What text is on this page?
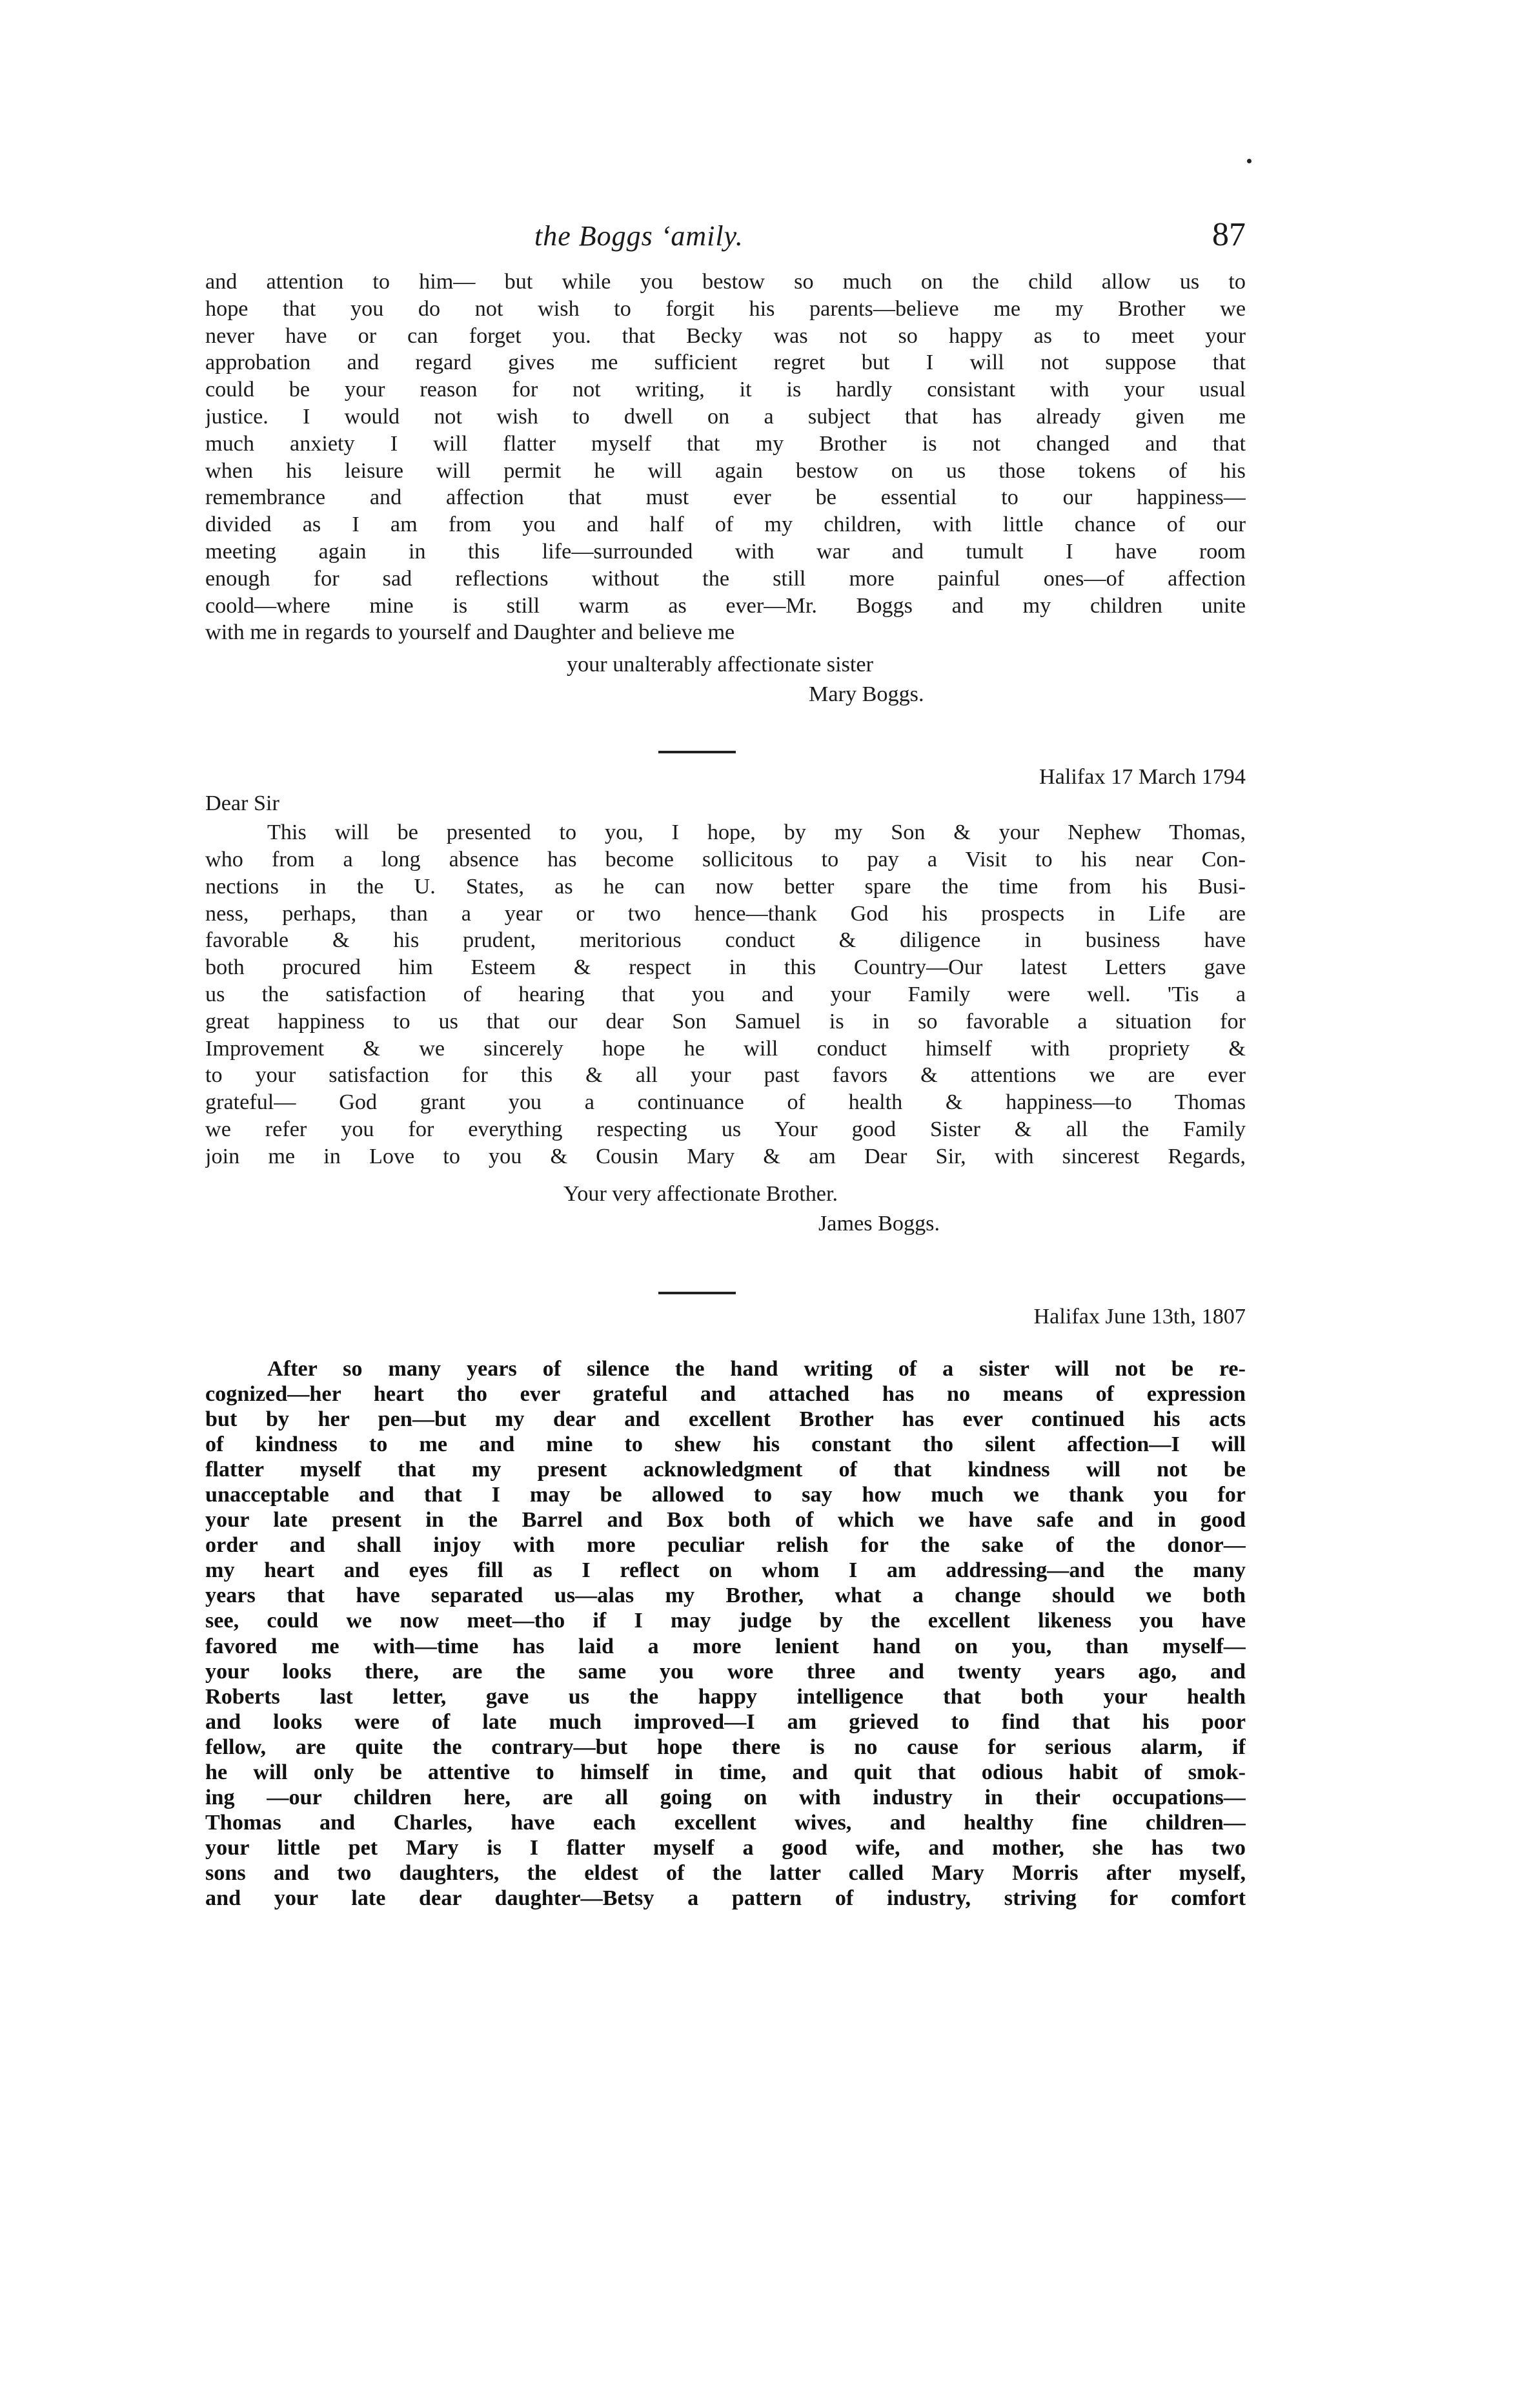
the Boggs ʻamily.	87
and attention to him— but while you bestow so much on the child allow us to
hope that you do not wish to forgit his parents—believe me my Brother we
never have or can forget you. that Becky was not so happy as to meet your
approbation and regard gives me sufficient regret but I will not suppose that
could be your reason for not writing, it is hardly consistant with your usual
justice. I would not wish to dwell on a subject that has already given me
much anxiety I will flatter myself that my Brother is not changed and that
when his leisure will permit he will again bestow on us those tokens of his
remembrance and affection that must ever be essential to our happiness—
divided as I am from you and half of my children, with little chance of our
meeting again in this life—surrounded with war and tumult I have room
enough for sad reflections without the still more painful ones—of affection
coold—where mine is still warm as ever—Mr. Boggs and my children unite
with me in regards to yourself and Daughter and believe me
your unalterably affectionate sister
Mary Boggs.
Halifax 17 March 1794
Dear Sir
This will be presented to you, I hope, by my Son & your Nephew Thomas,
who from a long absence has become sollicitous to pay a Visit to his near Con-
nections in the U. States, as he can now better spare the time from his Busi-
ness, perhaps, than a year or two hence—thank God his prospects in Life are
favorable & his prudent, meritorious conduct & diligence in business have
both procured him Esteem & respect in this Country—Our latest Letters gave
us the satisfaction of hearing that you and your Family were well. 'Tis a
great happiness to us that our dear Son Samuel is in so favorable a situation for
Improvement & we sincerely hope he will conduct himself with propriety &
to your satisfaction for this & all your past favors & attentions we are ever
grateful— God grant you a continuance of health & happiness—to Thomas
we refer you for everything respecting us Your good Sister & all the Family
join me in Love to you & Cousin Mary & am Dear Sir, with sincerest Regards,
Your very affectionate Brother.
James Boggs.
Halifax June 13th, 1807
After so many years of silence the hand writing of a sister will not be re-
cognized—her heart tho ever grateful and attached has no means of expression
but by her pen—but my dear and excellent Brother has ever continued his acts
of kindness to me and mine to shew his constant tho silent affection—I will
flatter myself that my present acknowledgment of that kindness will not be
unacceptable and that I may be allowed to say how much we thank you for
your late present in the Barrel and Box both of which we have safe and in good
order and shall injoy with more peculiar relish for the sake of the donor—
my heart and eyes fill as I reflect on whom I am addressing—and the many
years that have separated us—alas my Brother, what a change should we both
see, could we now meet—tho if I may judge by the excellent likeness you have
favored me with—time has laid a more lenient hand on you, than myself—
your looks there, are the same you wore three and twenty years ago, and
Roberts last letter, gave us the happy intelligence that both your health
and looks were of late much improved—I am grieved to find that his poor
fellow, are quite the contrary—but hope there is no cause for serious alarm, if
he will only be attentive to himself in time, and quit that odious habit of smok-
ing —our children here, are all going on with industry in their occupations—
Thomas and Charles, have each excellent wives, and healthy fine children—
your little pet Mary is I flatter myself a good wife, and mother, she has two
sons and two daughters, the eldest of the latter called Mary Morris after myself,
and your late dear daughter—Betsy a pattern of industry, striving for comfort
